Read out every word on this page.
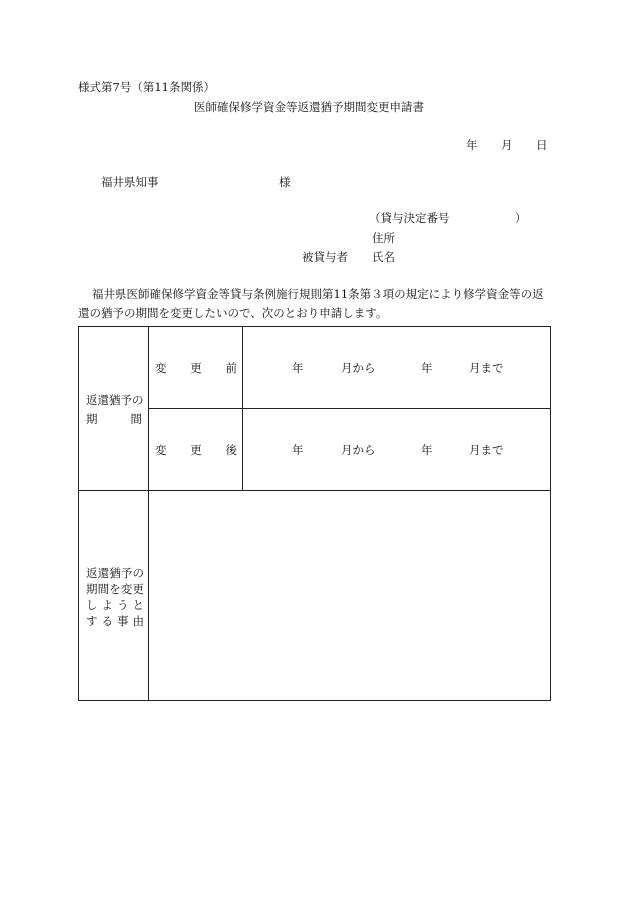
様式第7号（第11条関係）
医師確保修学資金等返還猶予期間変更申請書
年 月 日
福井県知事	様
（貸与決定番号	）
住所
被貸与者 氏名
福井県医師確保修学資金等貸与条例施行規則第11条第３項の規定により修学資金等の返
還の猶予の期間を変更したいので、次のとおり申請します。
返還猶予の
期	間
変 更 前	年	月から	年	月まで
変 更 後	年	月から	年	月まで
返 還 猶 予 の
期 間 を 変 更
し よ う と
す る 事 由
